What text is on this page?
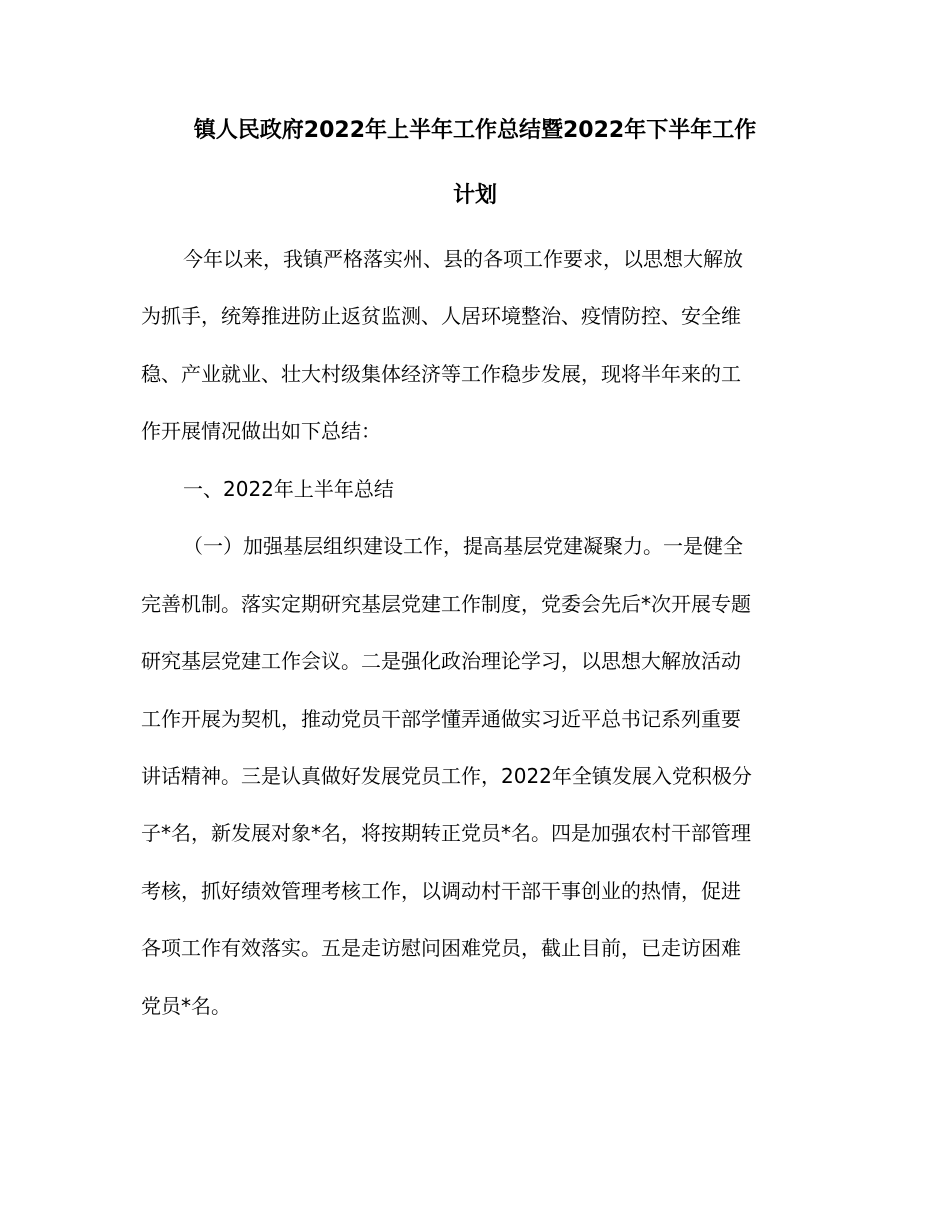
镇人民政府2022年上半年工作总结暨2022年下半年工作
计划
今年以来，我镇严格落实州、县的各项工作要求，以思想大解放
为抓手，统筹推进防止返贫监测、人居环境整治、疫情防控、安全维
稳、产业就业、壮大村级集体经济等工作稳步发展，现将半年来的工
作开展情况做出如下总结：
一、2022年上半年总结
（一）加强基层组织建设工作，提高基层党建凝聚力。一是健全
完善机制。落实定期研究基层党建工作制度，党委会先后*次开展专题
研究基层党建工作会议。二是强化政治理论学习，以思想大解放活动
工作开展为契机，推动党员干部学懂弄通做实习近平总书记系列重要
讲话精神。三是认真做好发展党员工作，2022年全镇发展入党积极分
子*名，新发展对象*名，将按期转正党员*名。四是加强农村干部管理
考核，抓好绩效管理考核工作，以调动村干部干事创业的热情，促进
各项工作有效落实。五是走访慰问困难党员，截止目前，已走访困难
党员*名。
